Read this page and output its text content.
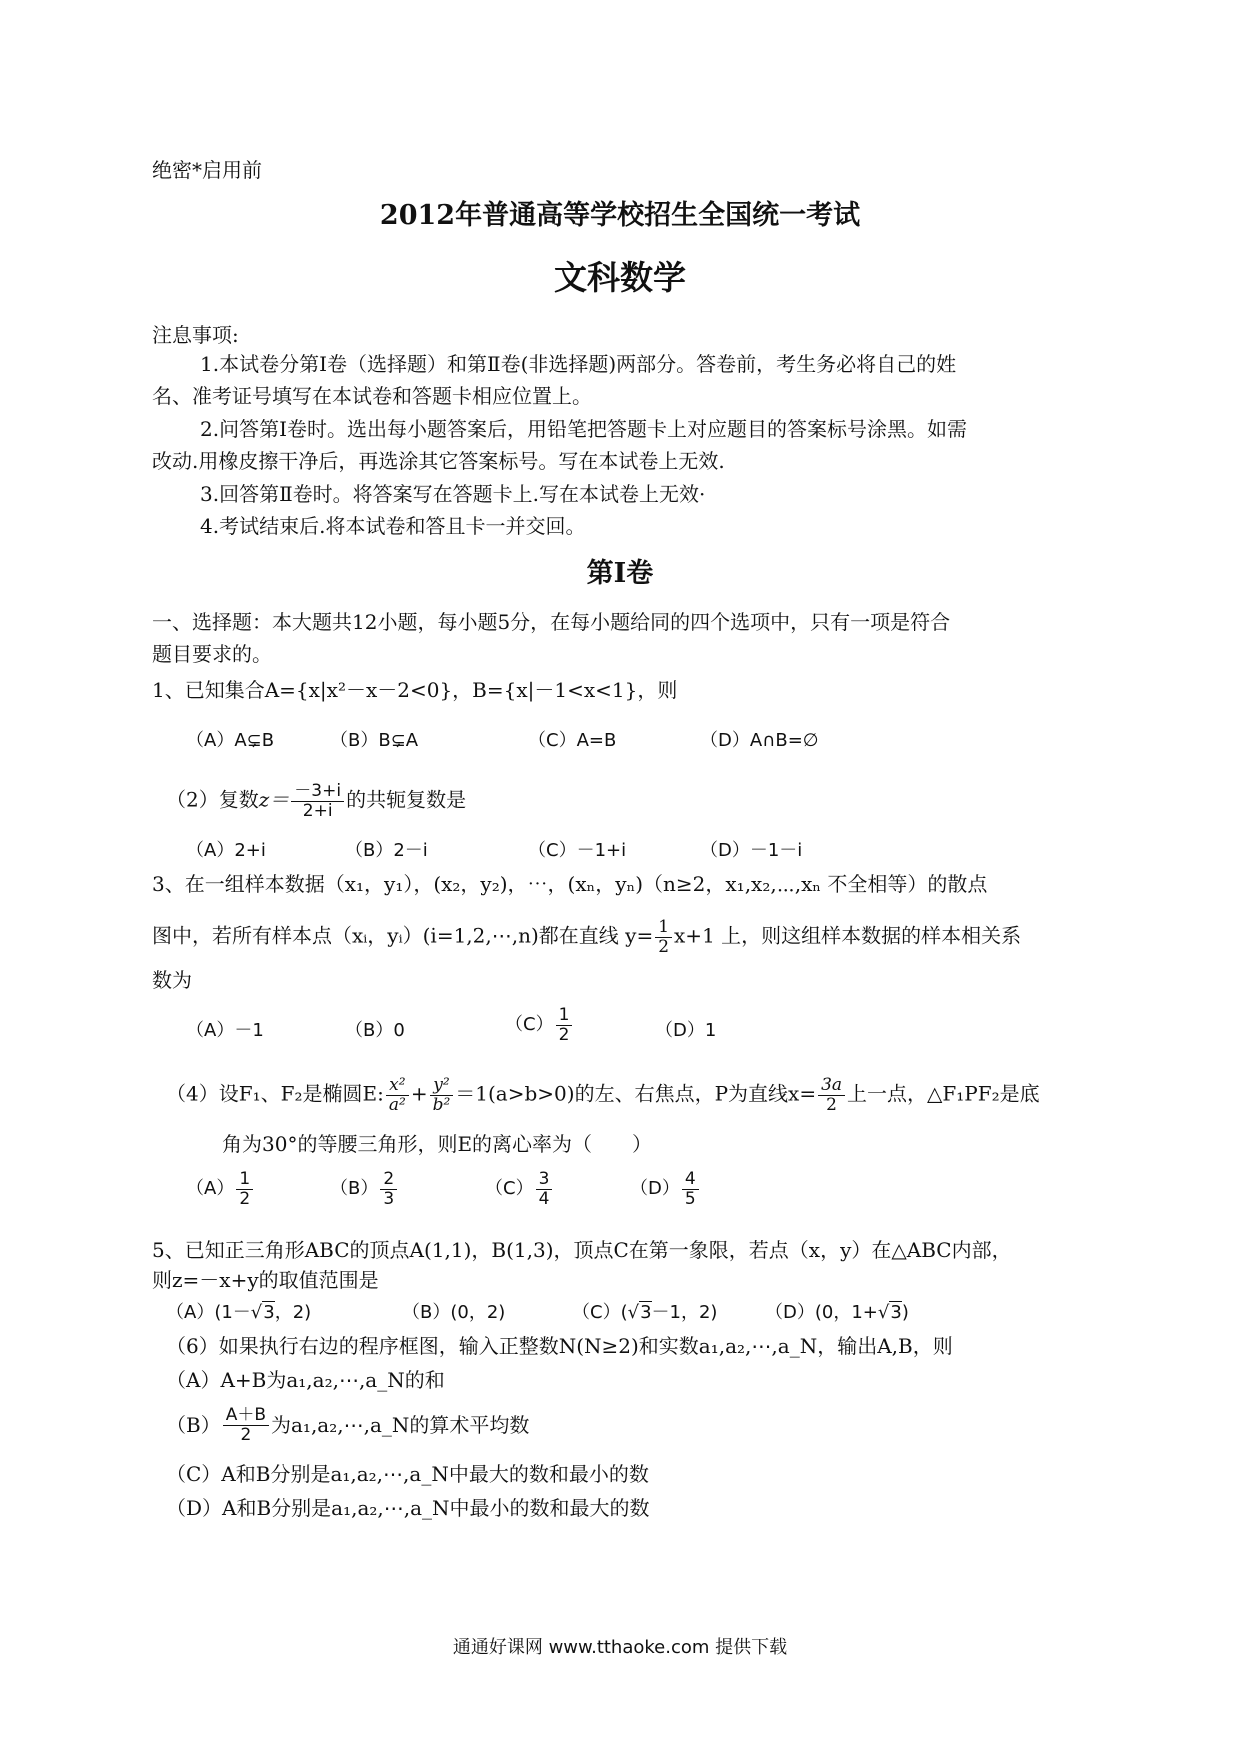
绝密*启用前
2012年普通高等学校招生全国统一考试
文科数学
注息事项:
1.本试卷分第Ⅰ卷（选择题）和第Ⅱ卷(非选择题)两部分。答卷前，考生务必将自己的姓
名、准考证号填写在本试卷和答题卡相应位置上。
2.问答第Ⅰ卷时。选出每小题答案后，用铅笔把答题卡上对应题目的答案标号涂黑。如需
改动.用橡皮擦干净后，再选涂其它答案标号。写在本试卷上无效.
3.回答第Ⅱ卷时。将答案写在答题卡上.写在本试卷上无效·
4.考试结束后.将本试卷和答且卡一并交回。
第Ⅰ卷
一、选择题：本大题共12小题，每小题5分，在每小题给同的四个选项中，只有一项是符合
题目要求的。
1、已知集合A={x|x²－x－2<0}，B={x|－1<x<1}，则
（A）A⊊B	（B）B⊊A	（C）A=B	（D）A∩B=∅
（2）复数$z= \frac{-3+i}{2+i}$ 的共轭复数是
（A）2+i	（B）2－i	（C）－1+i	（D）－1－i
3、在一组样本数据（x₁，y₁），(x₂，y₂)，⋯，(xₙ，yₙ)（n≥2，x₁,x₂,⋯,xₙ 不全相等）的散点
图中，若所有样本点（xᵢ，yᵢ）(i=1,2,⋯,n)都在直线 $y= \frac{1}{2} x+1$ 上，则这组样本数据的样本相关系
数为
（A）－1	（B）0	$(C) \frac{1}{2}$	（D）1
（4）设F₁、F₂是椭圆E: $\frac{\text{x²}}{\text{a²}} + \frac{\text{y²}}{\text{b²}} =1(a>b>0)$的左、右焦点，P为直线$x= \frac{3a}{2}$ 上一点，△F₁PF₂是底
角为30°的等腰三角形，则E的离心率为（　　）
$(A) \frac{1}{2}$	$(B) \frac{2}{3}$	$(C) \frac{3}{4}$	$(D) \frac{4}{5}$
5、已知正三角形ABC的顶点A(1,1)，B(1,3)，顶点C在第一象限，若点（x，y）在△ABC内部，
则z=－x+y的取值范围是
（A）(1－√3，2)	（B）(0，2)	（C）(√3－1，2)	（D）(0，1+√3)
（6）如果执行右边的程序框图，输入正整数N(N≥2)和实数a₁,a₂,⋯,a_N，输出A,B，则
（A）A+B为a₁,a₂,⋯,a_N的和
$(B) \frac{A+B}{2}$ 为a₁,a₂,⋯,a_N的算术平均数
（C）A和B分别是a₁,a₂,⋯,a_N中最大的数和最小的数
（D）A和B分别是a₁,a₂,⋯,a_N中最小的数和最大的数
通通好课网 www.tthaoke.com 提供下载
